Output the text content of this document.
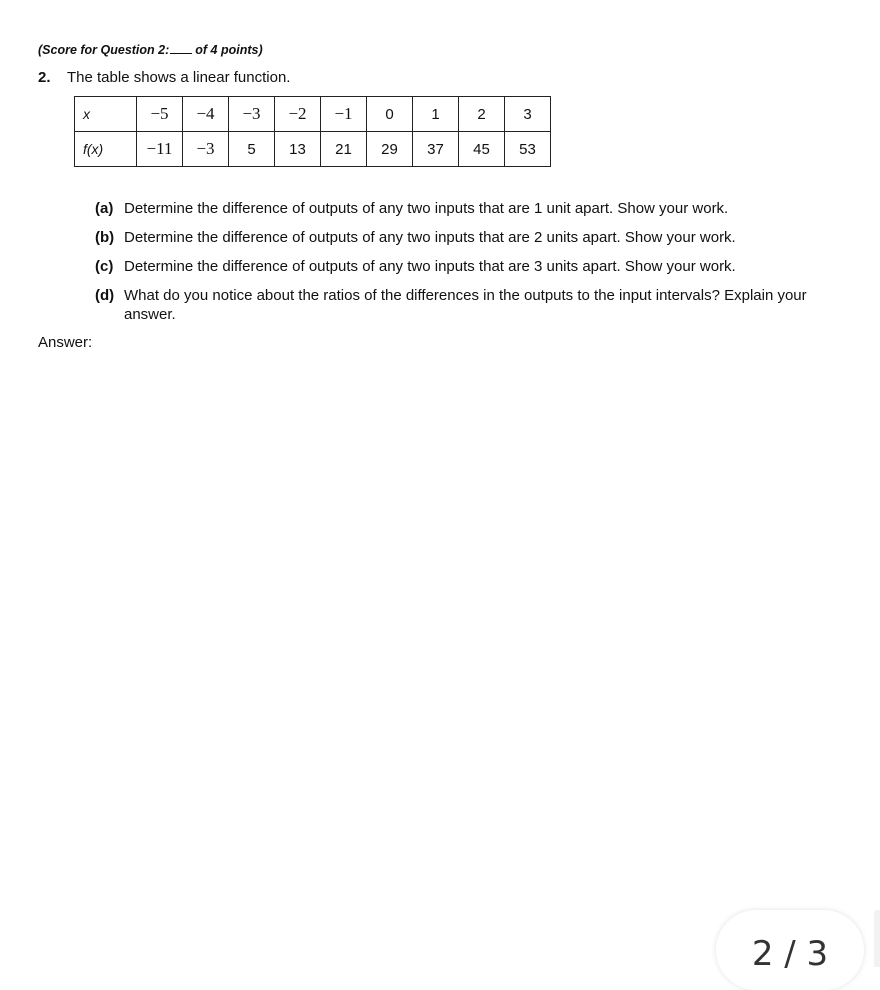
(Score for Question 2: of 4 points)
2. The table shows a linear function.
x	−5	−4	−3	−2	−1	0	1	2	3
f(x)	−11	−3	5	13	21	29	37	45	53
(a) Determine the difference of outputs of any two inputs that are 1 unit apart. Show your work.
(b) Determine the difference of outputs of any two inputs that are 2 units apart. Show your work.
(c) Determine the difference of outputs of any two inputs that are 3 units apart. Show your work.
(d) What do you notice about the ratios of the differences in the outputs to the input intervals? Explain your answer.
Answer:
2 / 3
